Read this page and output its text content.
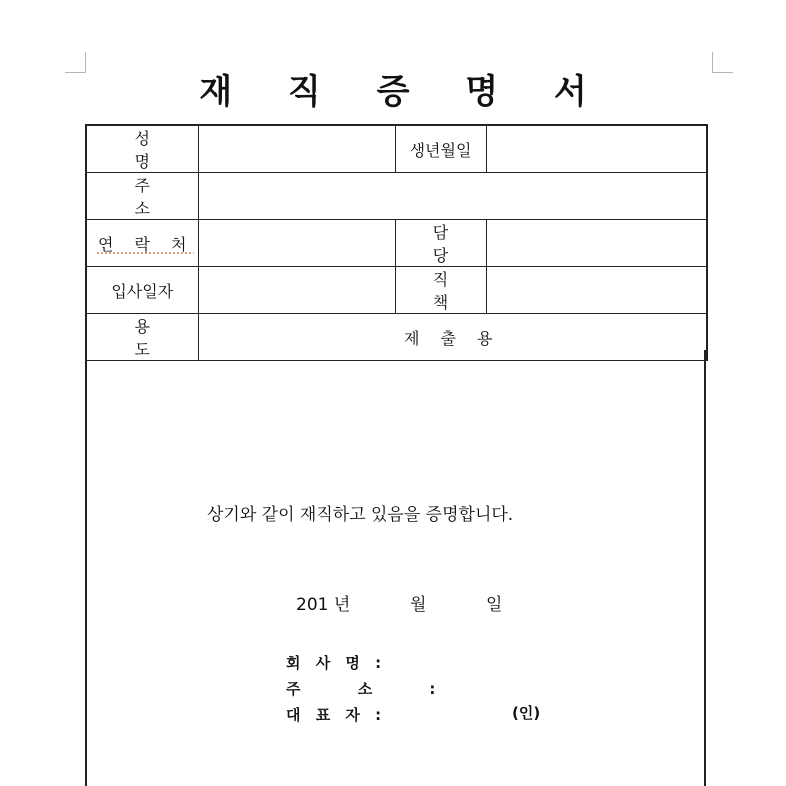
재 직 증 명 서
성 명		생년월일	
주 소			
연 락 처		담 당	
입사일자		직 책	
용 도	제 출 용		
상기와 같이 재직하고 있음을 증명합니다.
201 년	월	일
회 사 명 :
주 소 :
대 표 자 :	(인)
